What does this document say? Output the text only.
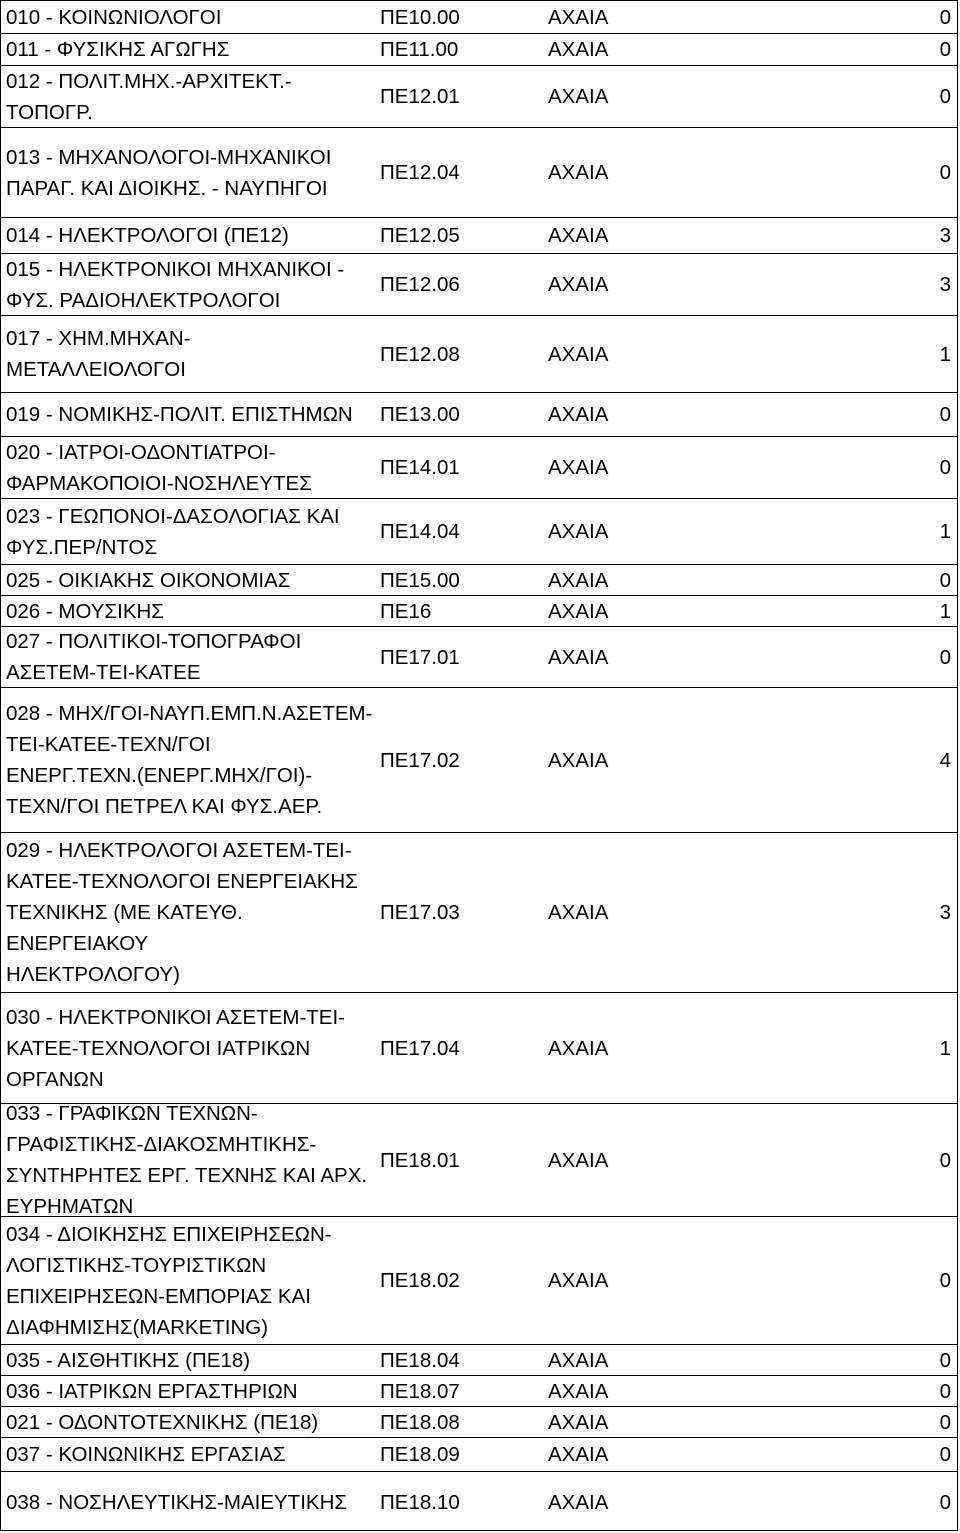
010 - ΚΟΙΝΩΝΙΟΛΟΓΟΙ	ΠΕ10.00	ΑΧΑΙΑ	0
011 - ΦΥΣΙΚΗΣ ΑΓΩΓΗΣ	ΠΕ11.00	ΑΧΑΙΑ	0
012 - ΠΟΛΙΤ.ΜΗΧ.-ΑΡΧΙΤΕΚΤ.-
ΤΟΠΟΓΡ.
ΠΕ12.01	ΑΧΑΙΑ	0
013 - ΜΗΧΑΝΟΛΟΓΟΙ-ΜΗΧΑΝΙΚΟΙ
ΠΑΡΑΓ. ΚΑΙ ΔΙΟΙΚΗΣ. - ΝΑΥΠΗΓΟΙ
ΠΕ12.04	ΑΧΑΙΑ	0
014 - ΗΛΕΚΤΡΟΛΟΓΟΙ (ΠΕ12)	ΠΕ12.05	ΑΧΑΙΑ	3
015 - ΗΛΕΚΤΡΟΝΙΚΟΙ ΜΗΧΑΝΙΚΟΙ -
ΦΥΣ. ΡΑΔΙΟΗΛΕΚΤΡΟΛΟΓΟΙ
ΠΕ12.06	ΑΧΑΙΑ	3
017 - ΧΗΜ.ΜΗΧΑΝ-
ΜΕΤΑΛΛΕΙΟΛΟΓΟΙ
ΠΕ12.08	ΑΧΑΙΑ	1
019 - ΝΟΜΙΚΗΣ-ΠΟΛΙΤ. ΕΠΙΣΤΗΜΩΝ ΠΕ13.00	ΑΧΑΙΑ	0
020 - ΙΑΤΡΟΙ-ΟΔΟΝΤΙΑΤΡΟΙ-
ΦΑΡΜΑΚΟΠΟΙΟΙ-ΝΟΣΗΛΕΥΤΕΣ
ΠΕ14.01	ΑΧΑΙΑ	0
023 - ΓΕΩΠΟΝΟΙ-ΔΑΣΟΛΟΓΙΑΣ ΚΑΙ
ΦΥΣ.ΠΕΡ/ΝΤΟΣ
ΠΕ14.04	ΑΧΑΙΑ	1
025 - ΟΙΚΙΑΚΗΣ ΟΙΚΟΝΟΜΙΑΣ	ΠΕ15.00	ΑΧΑΙΑ	0
026 - ΜΟΥΣΙΚΗΣ	ΠΕ16	ΑΧΑΙΑ	1
027 - ΠΟΛΙΤΙΚΟΙ-ΤΟΠΟΓΡΑΦΟΙ
ΑΣΕΤΕΜ-ΤΕΙ-ΚΑΤΕΕ
ΠΕ17.01	ΑΧΑΙΑ	0
028 - ΜΗΧ/ΓΟΙ-ΝΑΥΠ.ΕΜΠ.Ν.ΑΣΕΤΕΜ-
ΤΕΙ-ΚΑΤΕΕ-ΤΕΧΝ/ΓΟΙ
ΕΝΕΡΓ.ΤΕΧΝ.(ΕΝΕΡΓ.ΜΗΧ/ΓΟΙ)-
ΤΕΧΝ/ΓΟΙ ΠΕΤΡΕΛ ΚΑΙ ΦΥΣ.ΑΕΡ.
ΠΕ17.02	ΑΧΑΙΑ	4
029 - ΗΛΕΚΤΡΟΛΟΓΟΙ ΑΣΕΤΕΜ-ΤΕΙ-
ΚΑΤΕΕ-ΤΕΧΝΟΛΟΓΟΙ ΕΝΕΡΓΕΙΑΚΗΣ
ΤΕΧΝΙΚΗΣ (ΜΕ ΚΑΤΕΥΘ. ΕΝΕΡΓΕΙΑΚΟΥ
ΗΛΕΚΤΡΟΛΟΓΟΥ)
ΠΕ17.03	ΑΧΑΙΑ	3
030 - ΗΛΕΚΤΡΟΝΙΚΟΙ ΑΣΕΤΕΜ-ΤΕΙ-
ΚΑΤΕΕ-ΤΕΧΝΟΛΟΓΟΙ ΙΑΤΡΙΚΩΝ
ΟΡΓΑΝΩΝ
ΠΕ17.04	ΑΧΑΙΑ	1
033 - ΓΡΑΦΙΚΩΝ ΤΕΧΝΩΝ-
ΓΡΑΦΙΣΤΙΚΗΣ-ΔΙΑΚΟΣΜΗΤΙΚΗΣ-
ΣΥΝΤΗΡΗΤΕΣ ΕΡΓ. ΤΕΧΝΗΣ ΚΑΙ ΑΡΧ.
ΕΥΡΗΜΑΤΩΝ
ΠΕ18.01	ΑΧΑΙΑ	0
034 - ΔΙΟΙΚΗΣΗΣ ΕΠΙΧΕΙΡΗΣΕΩΝ-
ΛΟΓΙΣΤΙΚΗΣ-ΤΟΥΡΙΣΤΙΚΩΝ
ΕΠΙΧΕΙΡΗΣΕΩΝ-ΕΜΠΟΡΙΑΣ ΚΑΙ
ΔΙΑΦΗΜΙΣΗΣ(MARKETING)
ΠΕ18.02	ΑΧΑΙΑ	0
035 - ΑΙΣΘΗΤΙΚΗΣ (ΠΕ18)	ΠΕ18.04	ΑΧΑΙΑ	0
036 - ΙΑΤΡΙΚΩΝ ΕΡΓΑΣΤΗΡΙΩΝ	ΠΕ18.07	ΑΧΑΙΑ	0
021 - ΟΔΟΝΤΟΤΕΧΝΙΚΗΣ (ΠΕ18)	ΠΕ18.08	ΑΧΑΙΑ	0
037 - ΚΟΙΝΩΝΙΚΗΣ ΕΡΓΑΣΙΑΣ	ΠΕ18.09	ΑΧΑΙΑ	0
038 - ΝΟΣΗΛΕΥΤΙΚΗΣ-ΜΑΙΕΥΤΙΚΗΣ ΠΕ18.10	ΑΧΑΙΑ	0
